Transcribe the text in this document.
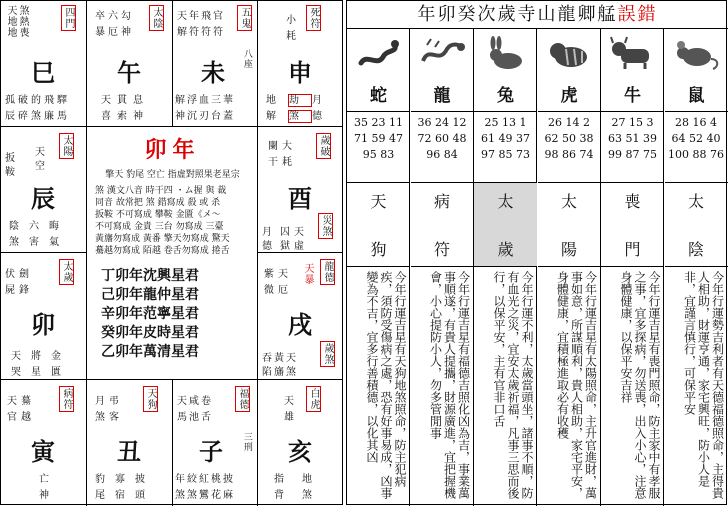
天地地 煞熱喪	四門
巳
孤破的飛驛
辰碎煞廉馬
卒六勾
暴厄神
太陰
午
天貫息
喜索神
天年飛官
解符符符
五鬼
未 八座
解浮血三華
神沉刃台蓋
小
耗
死符
申
地劫月
解煞德
扳
鞍
天
空
太陽
辰
陰六晦
煞害氣
卯年
擎天 豹尾 空亡 指虛對照果老星宗
煞 漢文八音 時干四 ・ム握 與 裁
同音 故常把 煞 錯寫成 殺 或 杀
扳鞍 不可寫成 攀鞍 金匱《メ〜
不可寫成 金貴 三台 勿寫成 三臺
黃旛勿寫成 黃番 擎天勿寫成 驚天
驀越勿寫成 陌越 卷舌勿寫成 捲舌
丁卯年沈興星君
己卯年龍仲星君
辛卯年范寧星君
癸卯年皮時星君
乙卯年萬清星君
闌大
干耗
歲破
酉
囚天
獄虛
災煞
月
德
伏劍
屍鋒
太歲
卯
天將金
哭星匱
紫天
微厄
天暴 龍德
戌
吞黃天
陷旛煞
歲煞
天驀
官越
病符
寅
亡
神
月弔
煞客
天狗
丑
豹寡披
尾宿頭
天咸卷
馬池舌
福德
子 三刑
年絞紅桃披
煞煞鸞花麻
天
雄
白虎
亥
指地
背煞
年卯癸次歲寺山龍卿艋誤錯
蛇
35 23 11
71 59 47
95 83
天
狗
今年行運吉星有天狗地煞照命，防主犯病疾，須防受傷病之處，恐有好事易成，凶事變為不吉，宜多行善積德，以化其凶
龍
36 24 12
72 60 48
96 84
病
符
今年行運吉星有福德吉照化凶為吉，事業萬事順遂，有貴人提攜，財源廣進，宜把握機會，小心提防小人，勿多管閒事
兔
25 13 1
61 49 37
97 85 73
太
歲
今年行運不利，太歲當頭坐，諸事不順，防有血光之災，宜安太歲祈福，凡事三思而後行，以保平安，主有官非口舌
虎
26 14 2
62 50 38
98 86 74
太
陽
今年行運吉星有太陽照命，主升官進財，萬事如意，所謀順利，貴人相助，家宅平安，身體健康，宜積極進取必有收穫
牛
27 15 3
63 51 39
99 87 75
喪
門
今年行運吉星有喪門照命，防主家中有孝服之事，宜多探病，勿送喪，出入小心，注意身體健康，以保平安吉祥
鼠
28 16 4
64 52 40
100 88 76
太
陰
今年行運勢吉利者有天德福德照命，主得貴人相助，財運亨通，家宅興旺，防小人是非，宜謹言慎行，可保平安
